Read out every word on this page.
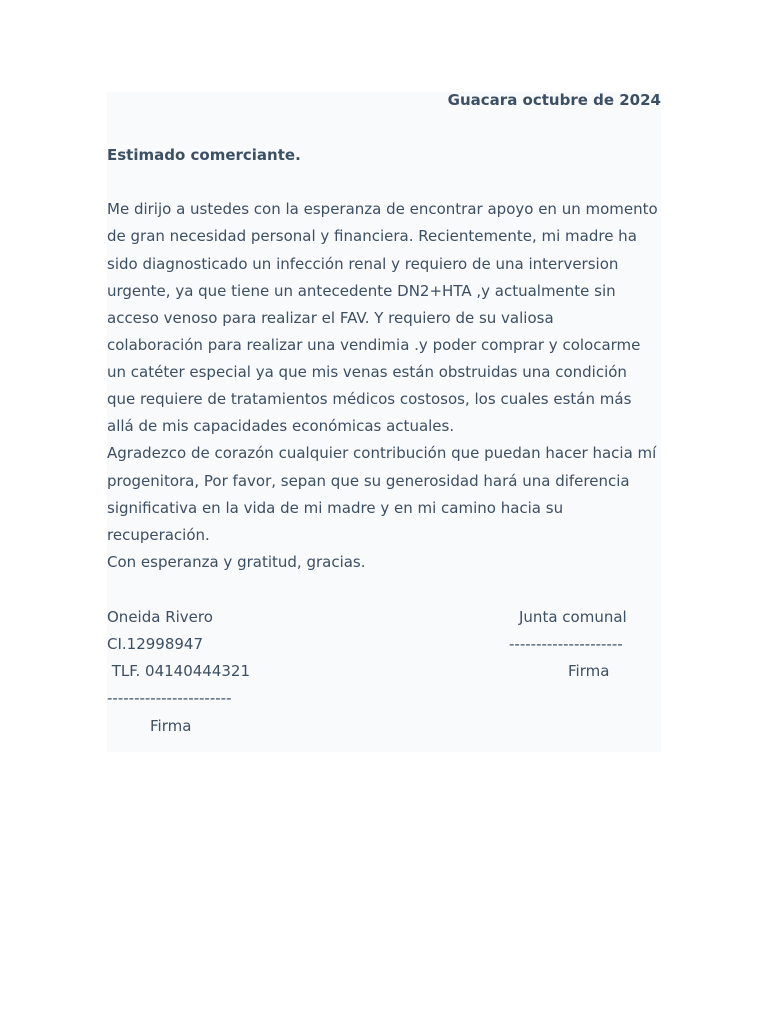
Guacara octubre de 2024
Estimado comerciante.
Me dirijo a ustedes con la esperanza de encontrar apoyo en un momento
de gran necesidad personal y financiera. Recientemente, mi madre ha
sido diagnosticado un infección renal y requiero de una interversion
urgente, ya que tiene un antecedente DN2+HTA ,y actualmente sin
acceso venoso para realizar el FAV. Y requiero de su valiosa
colaboración para realizar una vendimia .y poder comprar y colocarme
un catéter especial ya que mis venas están obstruidas una condición
que requiere de tratamientos médicos costosos, los cuales están más
allá de mis capacidades económicas actuales.
Agradezco de corazón cualquier contribución que puedan hacer hacia mí
progenitora, Por favor, sepan que su generosidad hará una diferencia
significativa en la vida de mi madre y en mi camino hacia su
recuperación.
Con esperanza y gratitud, gracias.
Oneida Rivero
CI.12998947
TLF. 04140444321
-----------------------
Firma
Junta comunal
---------------------
Firma
